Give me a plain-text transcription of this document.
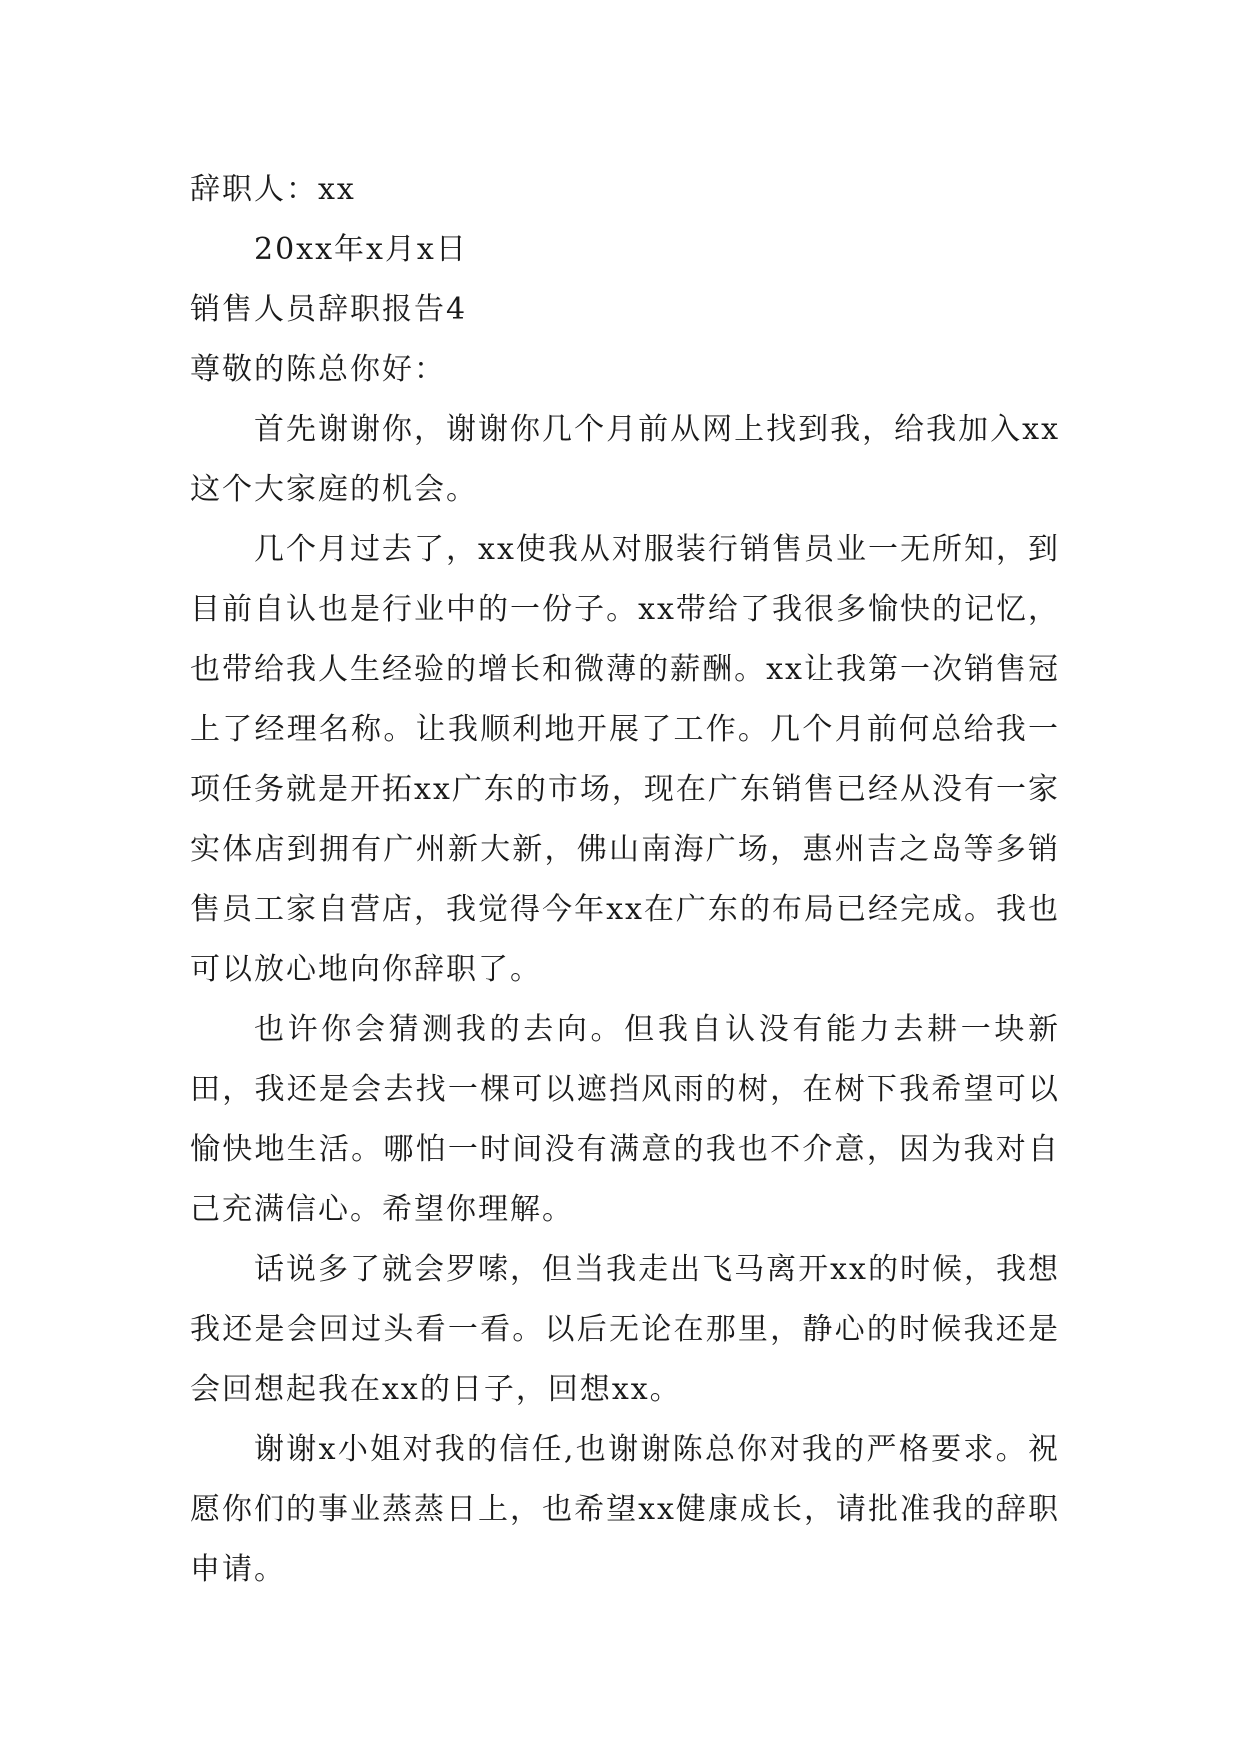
辞职人：xx

20xx年x月x日

销售人员辞职报告4

尊敬的陈总你好：

首先谢谢你，谢谢你几个月前从网上找到我，给我加入xx这个大家庭的机会。

几个月过去了，xx使我从对服装行销售员业一无所知，到目前自认也是行业中的一份子。xx带给了我很多愉快的记忆，也带给我人生经验的增长和微薄的薪酬。xx让我第一次销售冠上了经理名称。让我顺利地开展了工作。几个月前何总给我一项任务就是开拓xx广东的市场，现在广东销售已经从没有一家实体店到拥有广州新大新，佛山南海广场，惠州吉之岛等多销售员工家自营店，我觉得今年xx在广东的布局已经完成。我也可以放心地向你辞职了。

也许你会猜测我的去向。但我自认没有能力去耕一块新田，我还是会去找一棵可以遮挡风雨的树，在树下我希望可以愉快地生活。哪怕一时间没有满意的我也不介意，因为我对自己充满信心。希望你理解。

话说多了就会罗嗦，但当我走出飞马离开xx的时候，我想我还是会回过头看一看。以后无论在那里，静心的时候我还是会回想起我在xx的日子，回想xx。

谢谢x小姐对我的信任,也谢谢陈总你对我的严格要求。祝愿你们的事业蒸蒸日上，也希望xx健康成长，请批准我的辞职申请。
